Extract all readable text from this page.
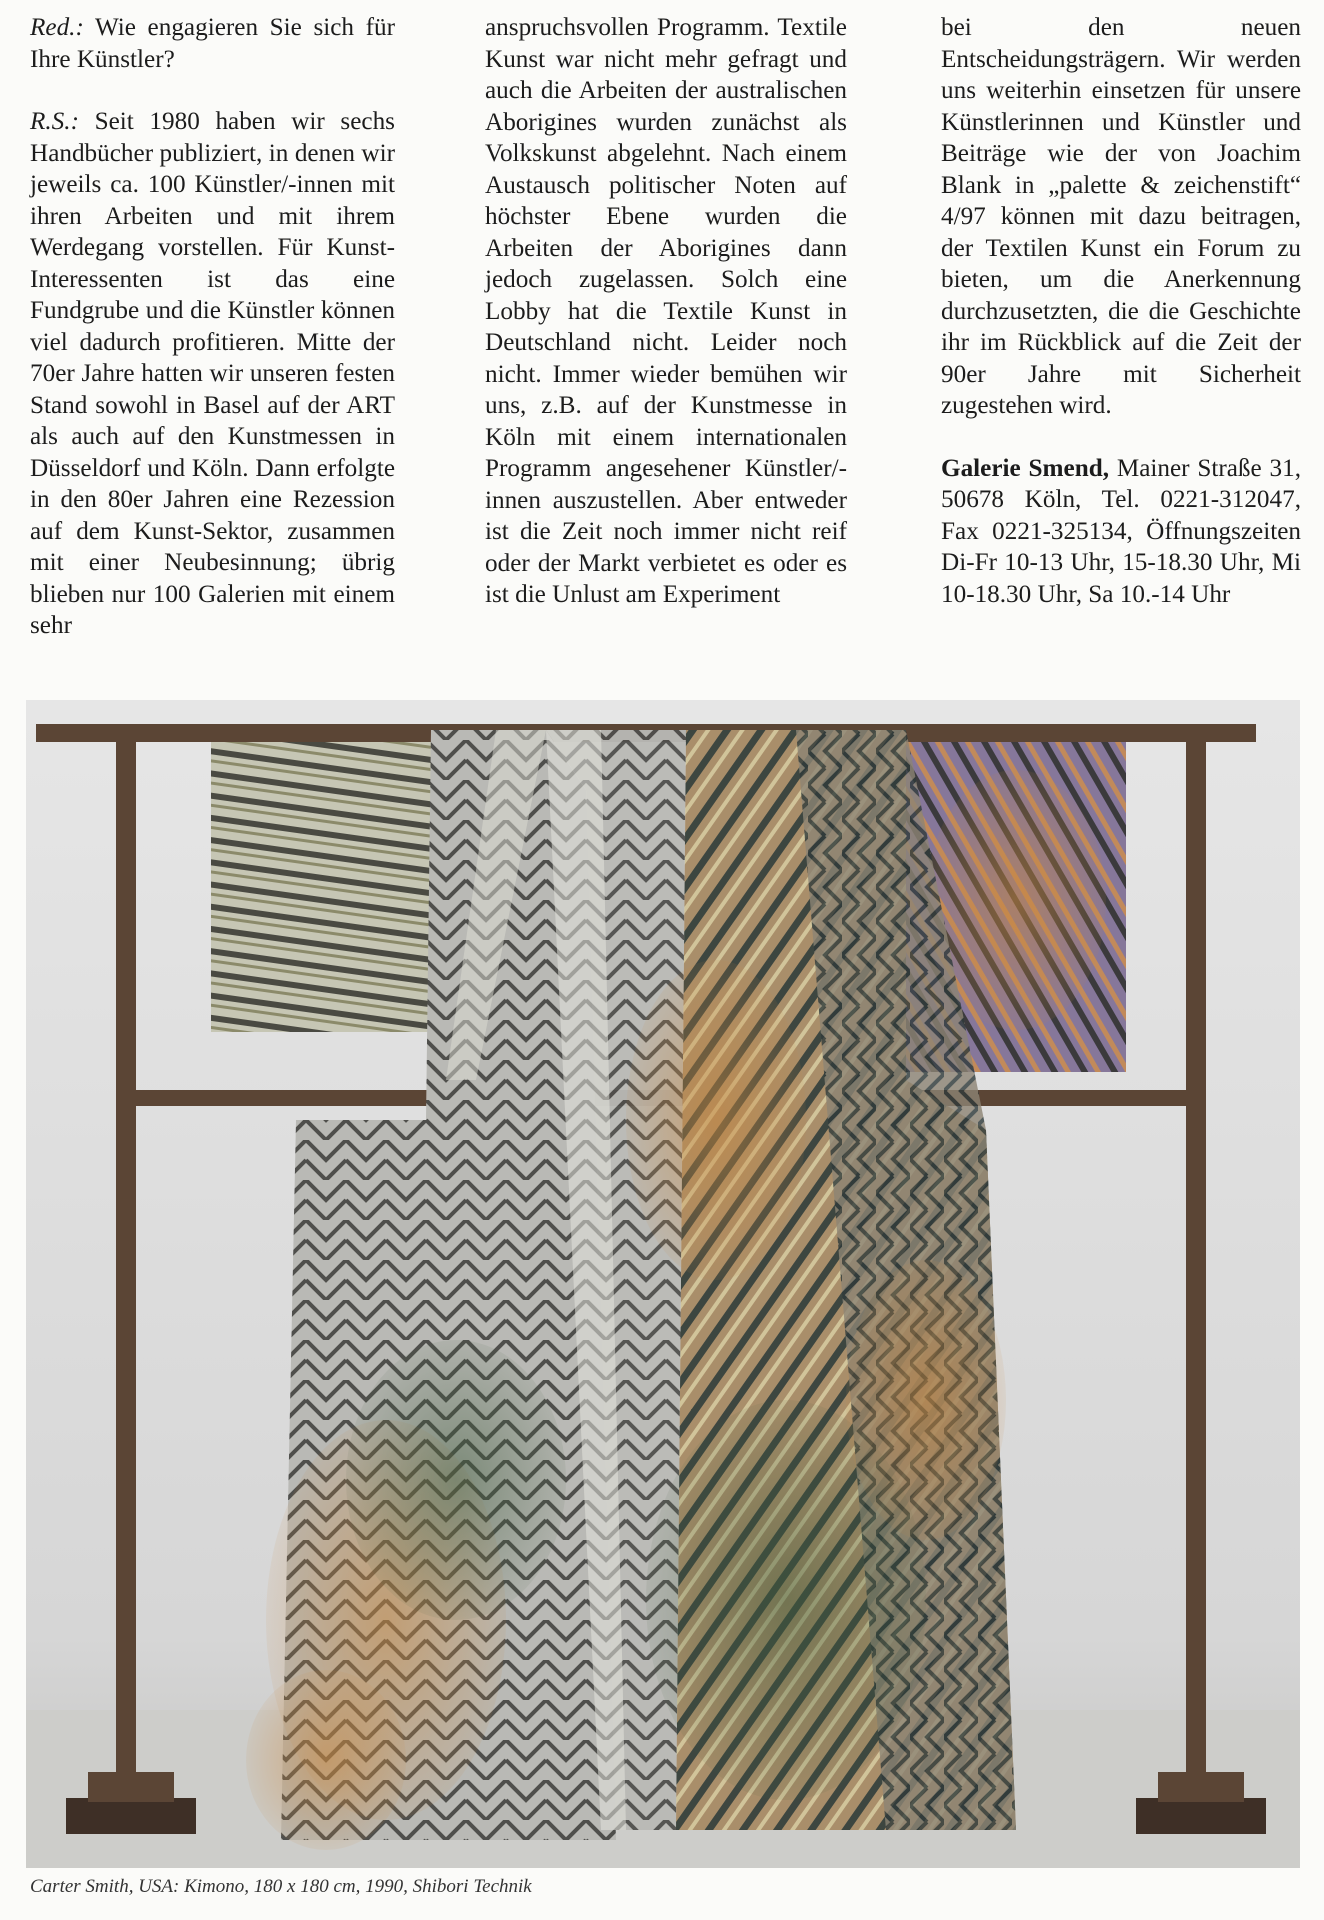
Red.: Wie engagieren Sie sich für Ihre Künstler?

R.S.: Seit 1980 haben wir sechs Handbücher publiziert, in denen wir jeweils ca. 100 Künstler/-innen mit ihren Arbeiten und mit ihrem Werdegang vorstellen. Für Kunst-Interessenten ist das eine Fundgrube und die Künstler können viel dadurch profitieren. Mitte der 70er Jahre hatten wir unseren festen Stand sowohl in Basel auf der ART als auch auf den Kunstmessen in Düsseldorf und Köln. Dann erfolgte in den 80er Jahren eine Rezession auf dem Kunst-Sektor, zusammen mit einer Neubesinnung; übrig blieben nur 100 Galerien mit einem sehr

anspruchsvollen Programm. Textile Kunst war nicht mehr gefragt und auch die Arbeiten der australischen Aborigines wurden zunächst als Volkskunst abgelehnt. Nach einem Austausch politischer Noten auf höchster Ebene wurden die Arbeiten der Aborigines dann jedoch zugelassen. Solch eine Lobby hat die Textile Kunst in Deutschland nicht. Leider noch nicht. Immer wieder bemühen wir uns, z.B. auf der Kunstmesse in Köln mit einem internationalen Programm angesehener Künstler/-innen auszustellen. Aber entweder ist die Zeit noch immer nicht reif oder der Markt verbietet es oder es ist die Unlust am Experiment

bei den neuen Entscheidungsträgern. Wir werden uns weiterhin einsetzen für unsere Künstlerinnen und Künstler und Beiträge wie der von Joachim Blank in „palette & zeichenstift“ 4/97 können mit dazu beitragen, der Textilen Kunst ein Forum zu bieten, um die Anerkennung durchzusetzten, die die Geschichte ihr im Rückblick auf die Zeit der 90er Jahre mit Sicherheit zugestehen wird.

Galerie Smend, Mainer Straße 31, 50678 Köln, Tel. 0221-312047, Fax 0221-325134, Öffnungszeiten Di-Fr 10-13 Uhr, 15-18.30 Uhr, Mi 10-18.30 Uhr, Sa 10.-14 Uhr

Carter Smith, USA: Kimono, 180 x 180 cm, 1990, Shibori Technik
